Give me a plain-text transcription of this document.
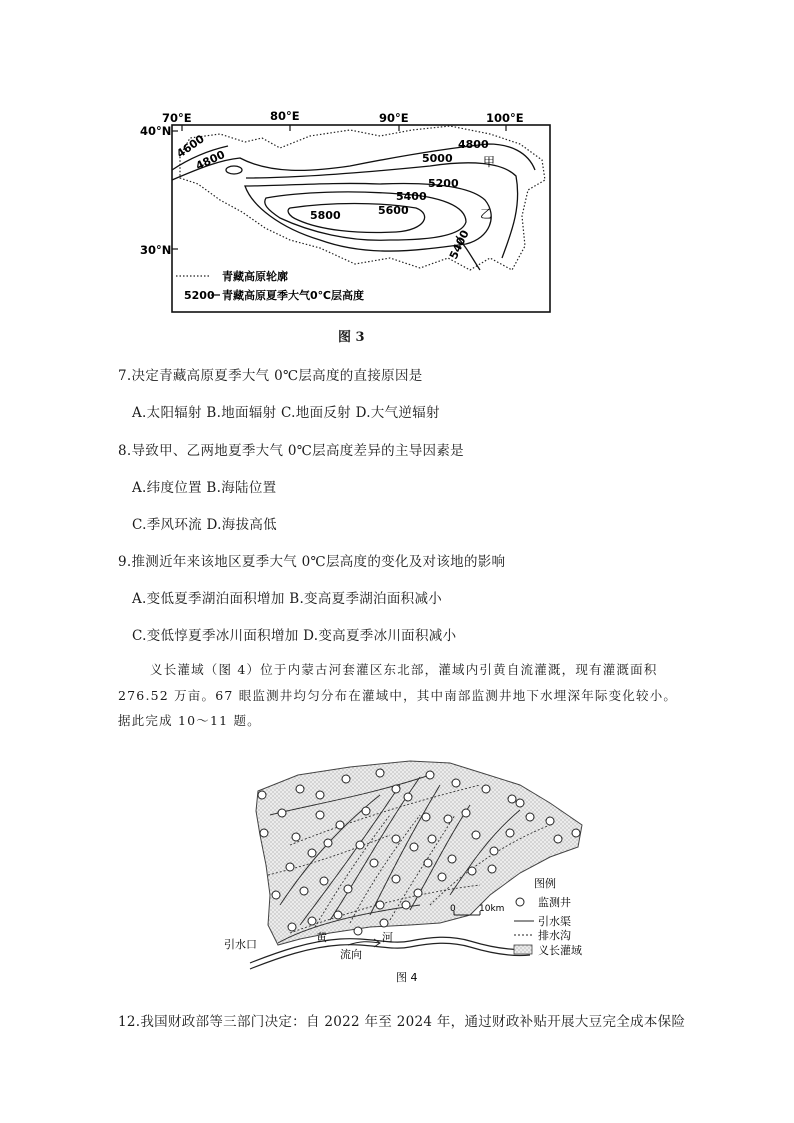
70°E	80°E	90°E	100°E
40°N
30°N
4600
4800
4800
5000
5200
5400
5600
5800
5400
甲
乙
青藏高原轮廓
5200 青藏高原夏季大气0℃层高度
图 3
7.决定青藏高原夏季大气 0℃层高度的直接原因是
A.太阳辐射 B.地面辐射 C.地面反射 D.大气逆辐射
8.导致甲、乙两地夏季大气 0℃层高度差异的主导因素是
A.纬度位置 B.海陆位置
C.季风环流 D.海拔高低
9.推测近年来该地区夏季大气 0℃层高度的变化及对该地的影响
A.变低夏季湖泊面积增加 B.变高夏季湖泊面积减小
C.变低惇夏季冰川面积增加 D.变高夏季冰川面积减小
义长灌域（图 4）位于内蒙古河套灌区东北部，灌域内引黄自流灌溉，现有灌溉面积
276.52 万亩。67 眼监测井均匀分布在灌域中，其中南部监测井地下水埋深年际变化较小。
据此完成 10～11 题。
引水口
黄
流向
河
0	10km
图例
监测井
引水渠
排水沟
义长灌域
图 4
12.我国财政部等三部门决定：自 2022 年至 2024 年，通过财政补贴开展大豆完全成本保险
